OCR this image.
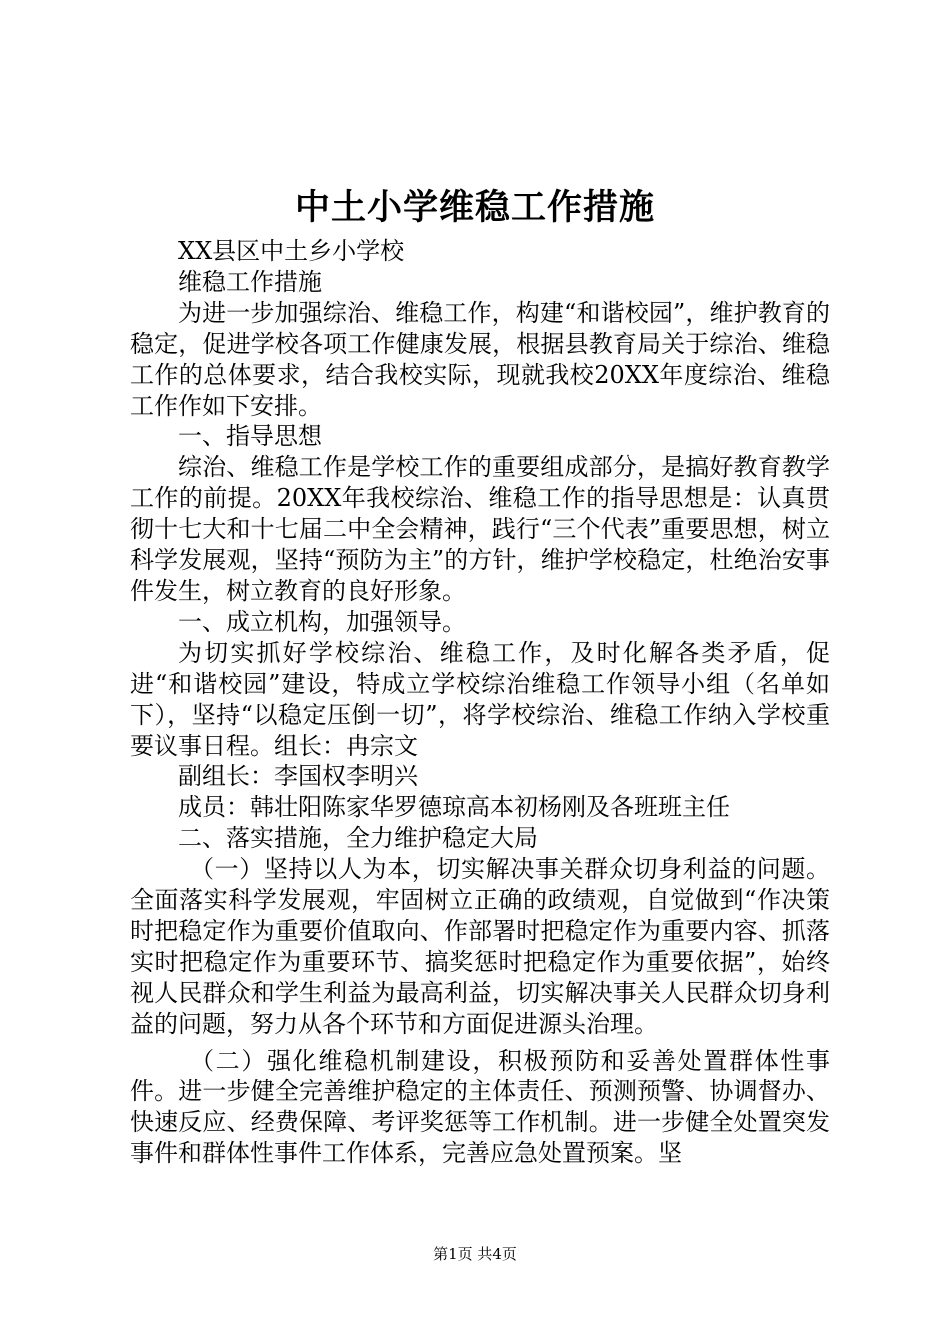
中土小学维稳工作措施

XX县区中土乡小学校

维稳工作措施

为进一步加强综治、维稳工作，构建“和谐校园”，维护教育的稳定，促进学校各项工作健康发展，根据县教育局关于综治、维稳工作的总体要求，结合我校实际，现就我校20XX年度综治、维稳工作作如下安排。

一、指导思想

综治、维稳工作是学校工作的重要组成部分，是搞好教育教学工作的前提。20XX年我校综治、维稳工作的指导思想是：认真贯彻十七大和十七届二中全会精神，践行“三个代表”重要思想，树立科学发展观，坚持“预防为主”的方针，维护学校稳定，杜绝治安事件发生，树立教育的良好形象。

一、成立机构，加强领导。

为切实抓好学校综治、维稳工作，及时化解各类矛盾，促进“和谐校园”建设，特成立学校综治维稳工作领导小组（名单如下），坚持“以稳定压倒一切”，将学校综治、维稳工作纳入学校重要议事日程。组长：冉宗文

副组长：李国权李明兴

成员：韩壮阳陈家华罗德琼高本初杨刚及各班班主任

二、落实措施，全力维护稳定大局

（一）坚持以人为本，切实解决事关群众切身利益的问题。全面落实科学发展观，牢固树立正确的政绩观，自觉做到“作决策时把稳定作为重要价值取向、作部署时把稳定作为重要内容、抓落实时把稳定作为重要环节、搞奖惩时把稳定作为重要依据”，始终视人民群众和学生利益为最高利益，切实解决事关人民群众切身利益的问题，努力从各个环节和方面促进源头治理。

（二）强化维稳机制建设，积极预防和妥善处置群体性事件。进一步健全完善维护稳定的主体责任、预测预警、协调督办、快速反应、经费保障、考评奖惩等工作机制。进一步健全处置突发事件和群体性事件工作体系，完善应急处置预案。坚

第1页 共4页
